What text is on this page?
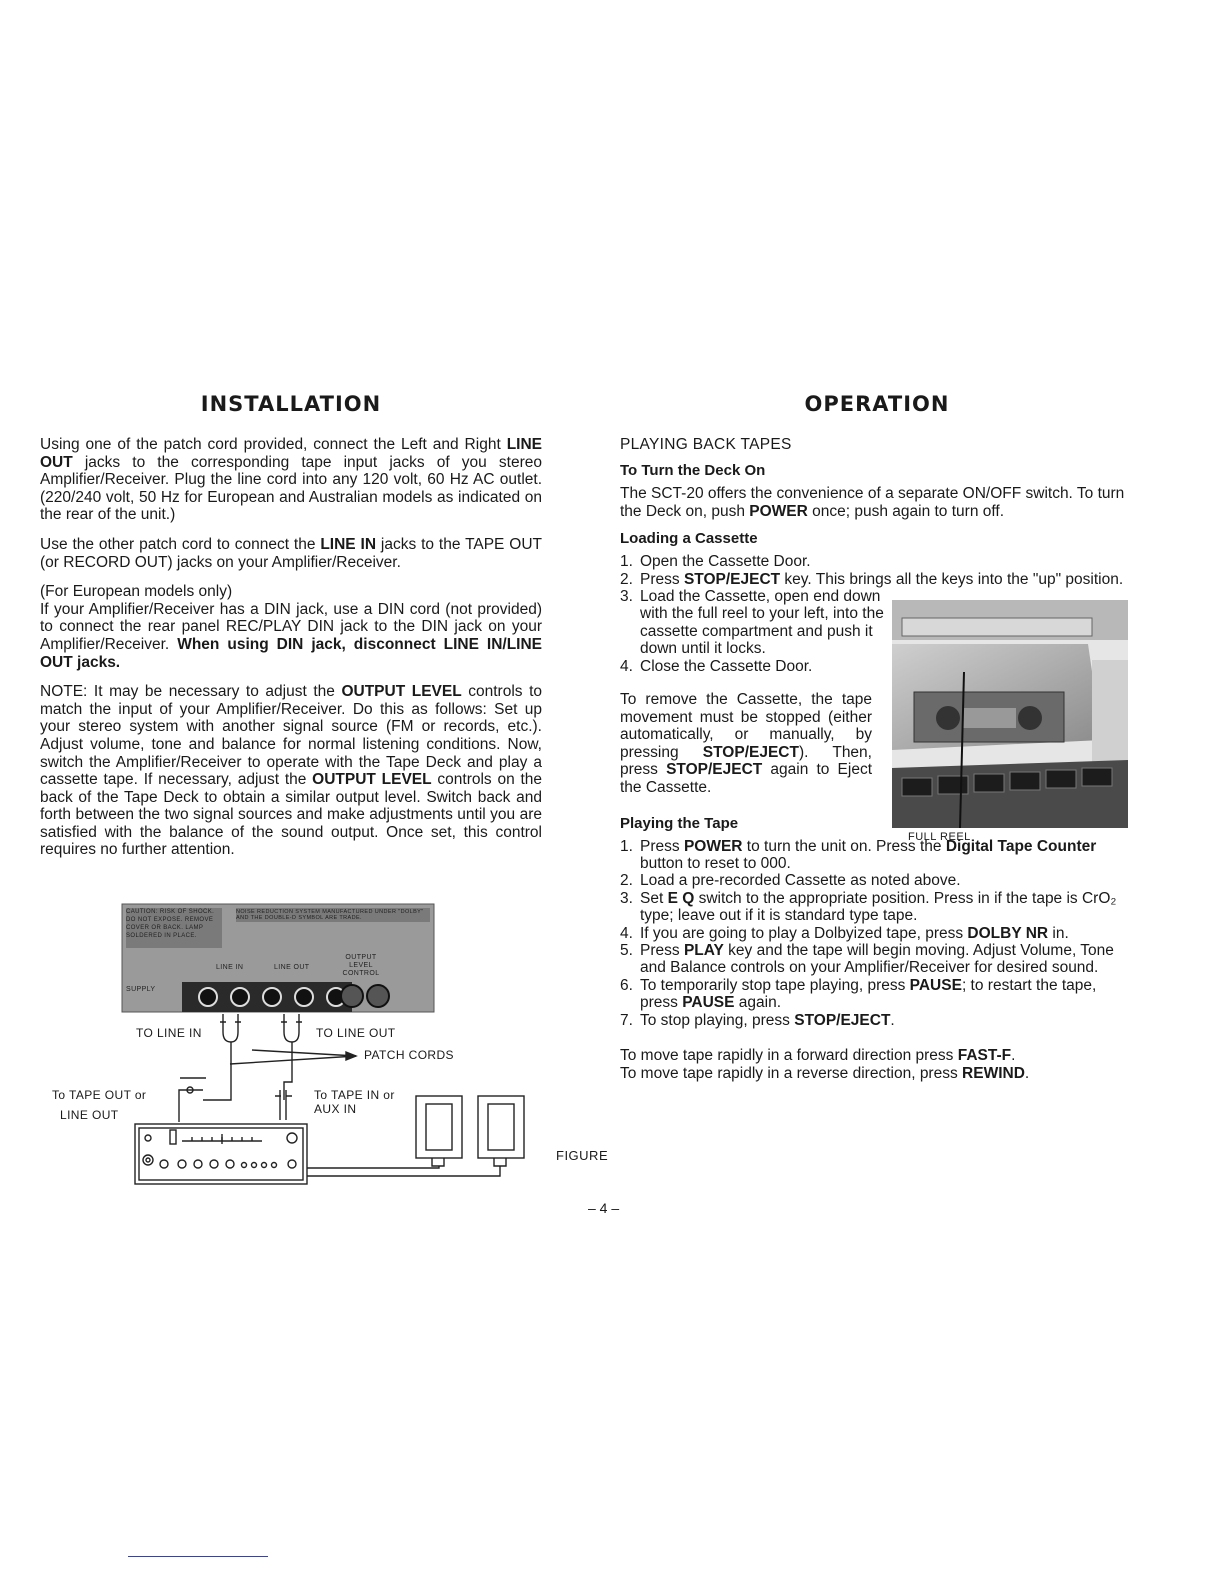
INSTALLATION

Using one of the patch cord provided, connect the Left and Right LINE OUT jacks to the corresponding tape input jacks of you stereo Amplifier/Receiver. Plug the line cord into any 120 volt, 60 Hz AC outlet. (220/240 volt, 50 Hz for European and Australian models as indicated on the rear of the unit.)

Use the other patch cord to connect the LINE IN jacks to the TAPE OUT (or RECORD OUT) jacks on your Amplifier/Receiver.

(For European models only)

If your Amplifier/Receiver has a DIN jack, use a DIN cord (not provided) to connect the rear panel REC/PLAY DIN jack to the DIN jack on your Amplifier/Receiver. When using DIN jack, disconnect LINE IN/LINE OUT jacks.

NOTE: It may be necessary to adjust the OUTPUT LEVEL controls to match the input of your Amplifier/Receiver. Do this as follows: Set up your stereo system with another signal source (FM or records, etc.). Adjust volume, tone and balance for normal listening conditions. Now, switch the Amplifier/Receiver to operate with the Tape Deck and play a cassette tape. If necessary, adjust the OUTPUT LEVEL controls on the back of the Tape Deck to obtain a similar output level. Switch back and forth between the two signal sources and make adjustments until you are satisfied with the balance of the sound output. Once set, this control requires no further attention.

TO LINE IN	TO LINE OUT
PATCH CORDS
To TAPE OUT or
LINE OUT
To TAPE IN or
AUX IN
CAUTION: RISK OF SHOCK. DO NOT EXPOSE. REMOVE COVER OR BACK. LAMP SOLDERED IN PLACE.
NOISE REDUCTION SYSTEM MANUFACTURED UNDER "DOLBY" AND THE DOUBLE-D SYMBOL ARE TRADE.
LINE IN	LINE OUT
OUTPUT LEVEL CONTROL
SUPPLY
FIGURE
– 4 –
OPERATION
PLAYING BACK TAPES
To Turn the Deck On

The SCT-20 offers the convenience of a separate ON/OFF switch. To turn the Deck on, push POWER once; push again to turn off.

Loading a Cassette
1. Open the Cassette Door.
2. Press STOP/EJECT key. This brings all the keys into the "up" position.
3. Load the Cassette, open end down with the full reel to your left, into the cassette compartment and push it down until it locks.
4. Close the Cassette Door.

To remove the Cassette, the tape movement must be stopped (either automatically, or manually, by pressing STOP/EJECT). Then, press STOP/EJECT again to Eject the Cassette.

Playing the Tape
1. Press POWER to turn the unit on. Press the Digital Tape Counter button to reset to 000.
2. Load a pre-recorded Cassette as noted above.
3. Set E Q switch to the appropriate position. Press in if the tape is CrO₂ type; leave out if it is standard type tape.
4. If you are going to play a Dolbyized tape, press DOLBY NR in.
5. Press PLAY key and the tape will begin moving. Adjust Volume, Tone and Balance controls on your Amplifier/Receiver for desired sound.
6. To temporarily stop tape playing, press PAUSE; to restart the tape, press PAUSE again.
7. To stop playing, press STOP/EJECT.

To move tape rapidly in a forward direction press FAST-F.

To move tape rapidly in a reverse direction, press REWIND.

FULL REEL
